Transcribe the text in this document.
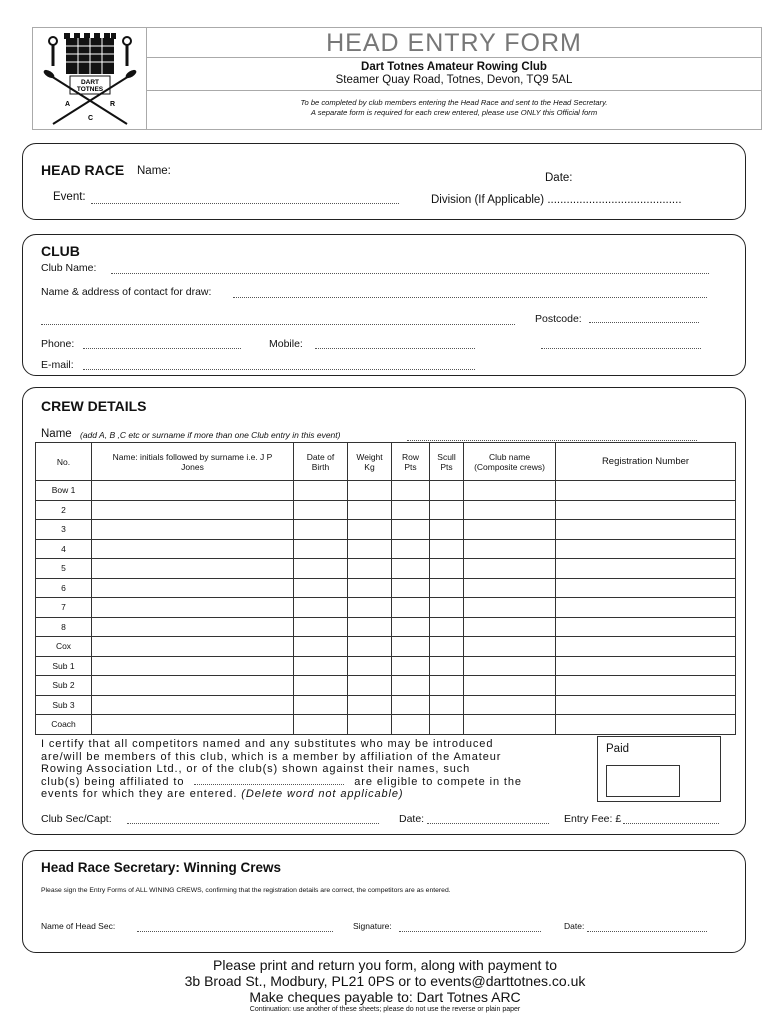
DART
TOTNES
A	R
C
HEAD ENTRY FORM
Dart Totnes Amateur Rowing Club
Steamer Quay Road, Totnes, Devon, TQ9 5AL
To be completed by club members entering the Head Race and sent to the Head Secretary.
A separate form is required for each crew entered, please use ONLY this Official form
HEAD RACE Name:
Date:
Event:	Division (If Applicable) ..........................................
CLUB
Club Name:
Name & address of contact for draw:
Postcode:
Phone:	Mobile:
E-mail:
CREW DETAILS
Name (add A, B ,C etc or surname if more than one Club entry in this event)
No.	Name: initials followed by surname i.e. J P Jones	Date of Birth	Weight Kg	Row Pts	Scull Pts	Club name (Composite crews)	Registration Number
Bow 1							
2							
3							
4							
5							
6							
7							
8							
Cox							
Sub 1							
Sub 2							
Sub 3							
Coach							
I certify that all competitors named and any substitutes who may be introduced
are/will be members of this club, which is a member by affiliation of the Amateur
Rowing Association Ltd., or of the club(s) shown against their names, such
club(s) being affiliated to	are eligible to compete in the
events for which they are entered. (Delete word not applicable)
Paid
Club Sec/Capt:	Date:	Entry Fee: £
Head Race Secretary: Winning Crews
Please sign the Entry Forms of ALL WINING CREWS, confirming that the registration details are correct, the competitors are as entered.
Name of Head Sec:	Signature:	Date:
Please print and return you form, along with payment to
3b Broad St., Modbury, PL21 0PS or to events@darttotnes.co.uk
Make cheques payable to: Dart Totnes ARC
Continuation: use another of these sheets; please do not use the reverse or plain paper
